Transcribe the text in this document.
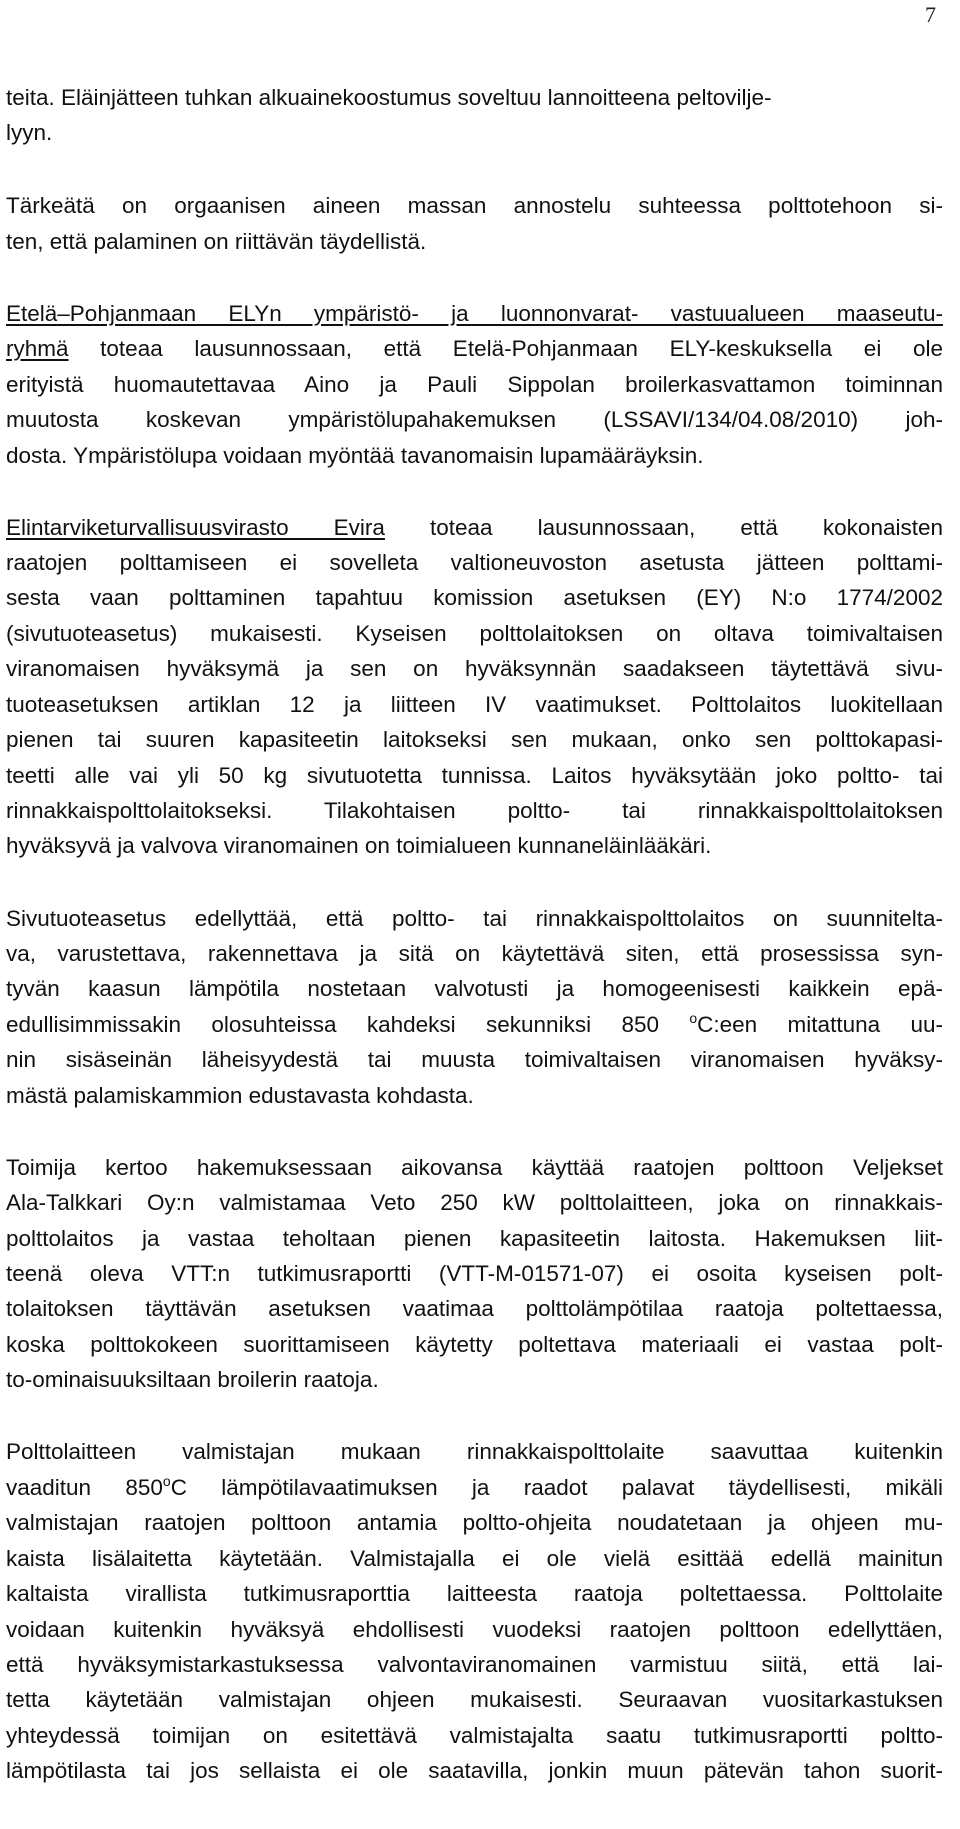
7
teita. Eläinjätteen tuhkan alkuainekoostumus soveltuu lannoitteena peltovilje-
lyyn.
Tärkeätä on orgaanisen aineen massan annostelu suhteessa polttotehoon si-
ten, että palaminen on riittävän täydellistä.
Etelä–Pohjanmaan ELYn ympäristö- ja luonnonvarat- vastuualueen maaseutu-
ryhmä toteaa lausunnossaan, että Etelä-Pohjanmaan ELY-keskuksella ei ole
erityistä huomautettavaa Aino ja Pauli Sippolan broilerkasvattamon toiminnan
muutosta koskevan ympäristölupahakemuksen (LSSAVI/134/04.08/2010) joh-
dosta. Ympäristölupa voidaan myöntää tavanomaisin lupamääräyksin.
Elintarviketurvallisuusvirasto Evira toteaa lausunnossaan, että kokonaisten
raatojen polttamiseen ei sovelleta valtioneuvoston asetusta jätteen polttami-
sesta vaan polttaminen tapahtuu komission asetuksen (EY) N:o 1774/2002
(sivutuoteasetus) mukaisesti. Kyseisen polttolaitoksen on oltava toimivaltaisen
viranomaisen hyväksymä ja sen on hyväksynnän saadakseen täytettävä sivu-
tuoteasetuksen artiklan 12 ja liitteen IV vaatimukset. Polttolaitos luokitellaan
pienen tai suuren kapasiteetin laitokseksi sen mukaan, onko sen polttokapasi-
teetti alle vai yli 50 kg sivutuotetta tunnissa. Laitos hyväksytään joko poltto- tai
rinnakkaispolttolaitokseksi. Tilakohtaisen poltto- tai rinnakkaispolttolaitoksen
hyväksyvä ja valvova viranomainen on toimialueen kunnaneläinlääkäri.
Sivutuoteasetus edellyttää, että poltto- tai rinnakkaispolttolaitos on suunniteltа-
va, varustettava, rakennettava ja sitä on käytettävä siten, että prosessissa syn-
tyvän kaasun lämpötila nostetaan valvotusti ja homogeenisesti kaikkein epä-
edullisimmissakin olosuhteissa kahdeksi sekunniksi 850 $^o$C:een mitattuna uu-
nin sisäseinän läheisyydestä tai muusta toimivaltaisen viranomaisen hyväksy-
mästä palamiskammion edustavasta kohdasta.
Toimija kertoo hakemuksessaan aikovansa käyttää raatojen polttoon Veljekset
Ala-Talkkari Oy:n valmistamaa Veto 250 kW polttolaitteen, joka on rinnakkais-
polttolaitos ja vastaa teholtaan pienen kapasiteetin laitosta. Hakemuksen liit-
teenä oleva VTT:n tutkimusraportti (VTT-M-01571-07) ei osoita kyseisen polt-
tolaitoksen täyttävän asetuksen vaatimaa polttolämpötilaa raatoja poltettaessa,
koska polttokokeen suorittamiseen käytetty poltettava materiaali ei vastaa polt-
to-ominaisuuksiltaan broilerin raatoja.
Polttolaitteen valmistajan mukaan rinnakkaispolttolaite saavuttaa kuitenkin
vaaditun 850$^o$C lämpötilavaatimuksen ja raadot palavat täydellisesti, mikäli
valmistajan raatojen polttoon antamia poltto-ohjeita noudatetaan ja ohjeen mu-
kaista lisälaitetta käytetään. Valmistajalla ei ole vielä esittää edellä mainitun
kaltaista virallista tutkimusraporttia laitteesta raatoja poltettaessa. Polttolaite
voidaan kuitenkin hyväksyä ehdollisesti vuodeksi raatojen polttoon edellyttäen,
että hyväksymistarkastuksessa valvontaviranomainen varmistuu siitä, että lai-
tetta käytetään valmistajan ohjeen mukaisesti. Seuraavan vuositarkastuksen
yhteydessä toimijan on esitettävä valmistajalta saatu tutkimusraportti poltto-
lämpötilasta tai jos sellaista ei ole saatavilla, jonkin muun pätevän tahon suorit-
